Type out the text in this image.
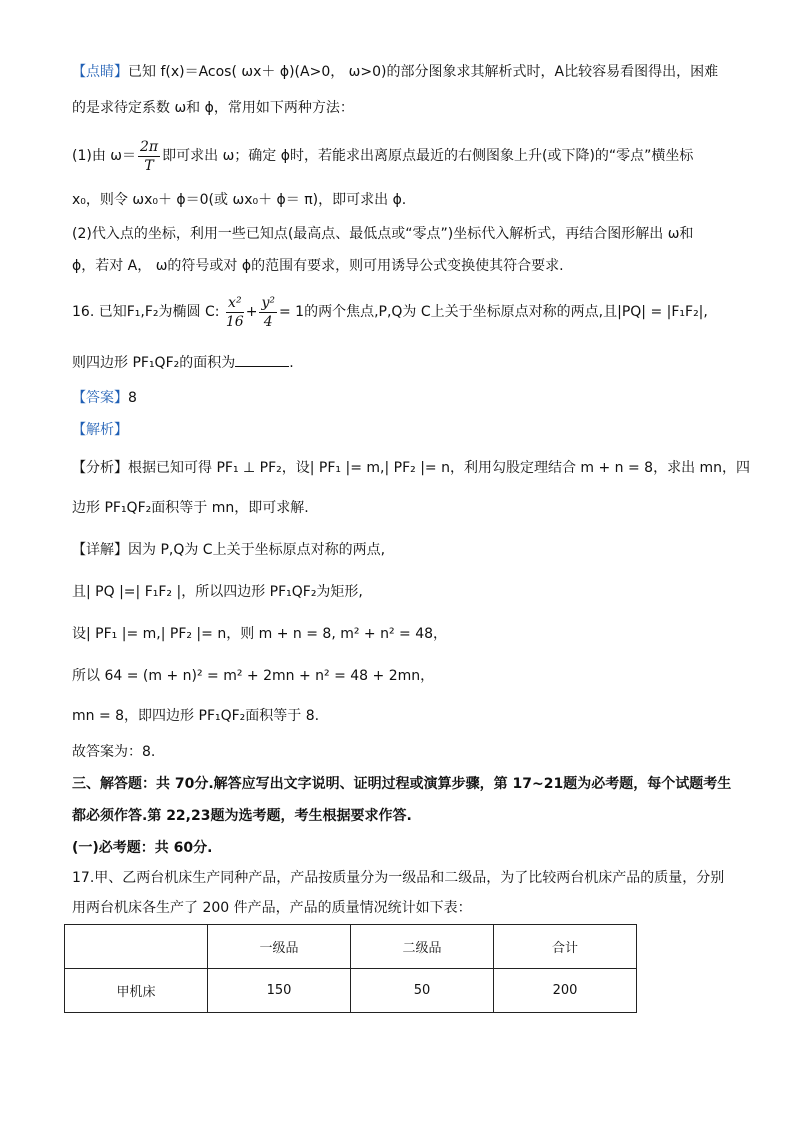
【点睛】已知 f(x)＝Acos( ωx＋ ϕ)(A>0， ω>0)的部分图象求其解析式时，A比较容易看图得出，困难
的是求待定系数 ω和 ϕ，常用如下两种方法：
(1)由 $\omega= \frac{2\pi}{T}$ 即可求出 ω；确定 ϕ时，若能求出离原点最近的右侧图象上升(或下降)的“零点”横坐标
x₀，则令 ωx₀＋ ϕ＝0(或 ωx₀＋ ϕ＝ π)，即可求出 ϕ.
(2)代入点的坐标，利用一些已知点(最高点、最低点或“零点”)坐标代入解析式，再结合图形解出 ω和
ϕ，若对 A， ω的符号或对 ϕ的范围有要求，则可用诱导公式变换使其符合要求.
16. 已知F₁,F₂为椭圆 C: $\frac{\text{x²}}{16} + \frac{\text{y²}}{4} = 1$的两个焦点,P,Q为 C上关于坐标原点对称的两点,且|PQ| = |F₁F₂|,
则四边形 PF₁QF₂的面积为	.
【答案】8
【解析】
【分析】根据已知可得 PF₁ ⊥ PF₂，设| PF₁ |= m,| PF₂ |= n，利用勾股定理结合 m + n = 8，求出 mn，四
边形 PF₁QF₂面积等于 mn，即可求解.
【详解】因为 P,Q为 C上关于坐标原点对称的两点,
且| PQ |=| F₁F₂ |，所以四边形 PF₁QF₂为矩形,
设| PF₁ |= m,| PF₂ |= n，则 m + n = 8, m² + n² = 48，
所以 64 = (m + n)² = m² + 2mn + n² = 48 + 2mn，
mn = 8，即四边形 PF₁QF₂面积等于 8.
故答案为：8.
三、解答题：共 70分.解答应写出文字说明、证明过程或演算步骤，第 17~21题为必考题，每个试题考生
都必须作答.第 22,23题为选考题，考生根据要求作答.
(一)必考题：共 60分.
17.甲、乙两台机床生产同种产品，产品按质量分为一级品和二级品，为了比较两台机床产品的质量，分别
用两台机床各生产了 200 件产品，产品的质量情况统计如下表：
	一级品	二级品	合计
甲机床	150	50	200
